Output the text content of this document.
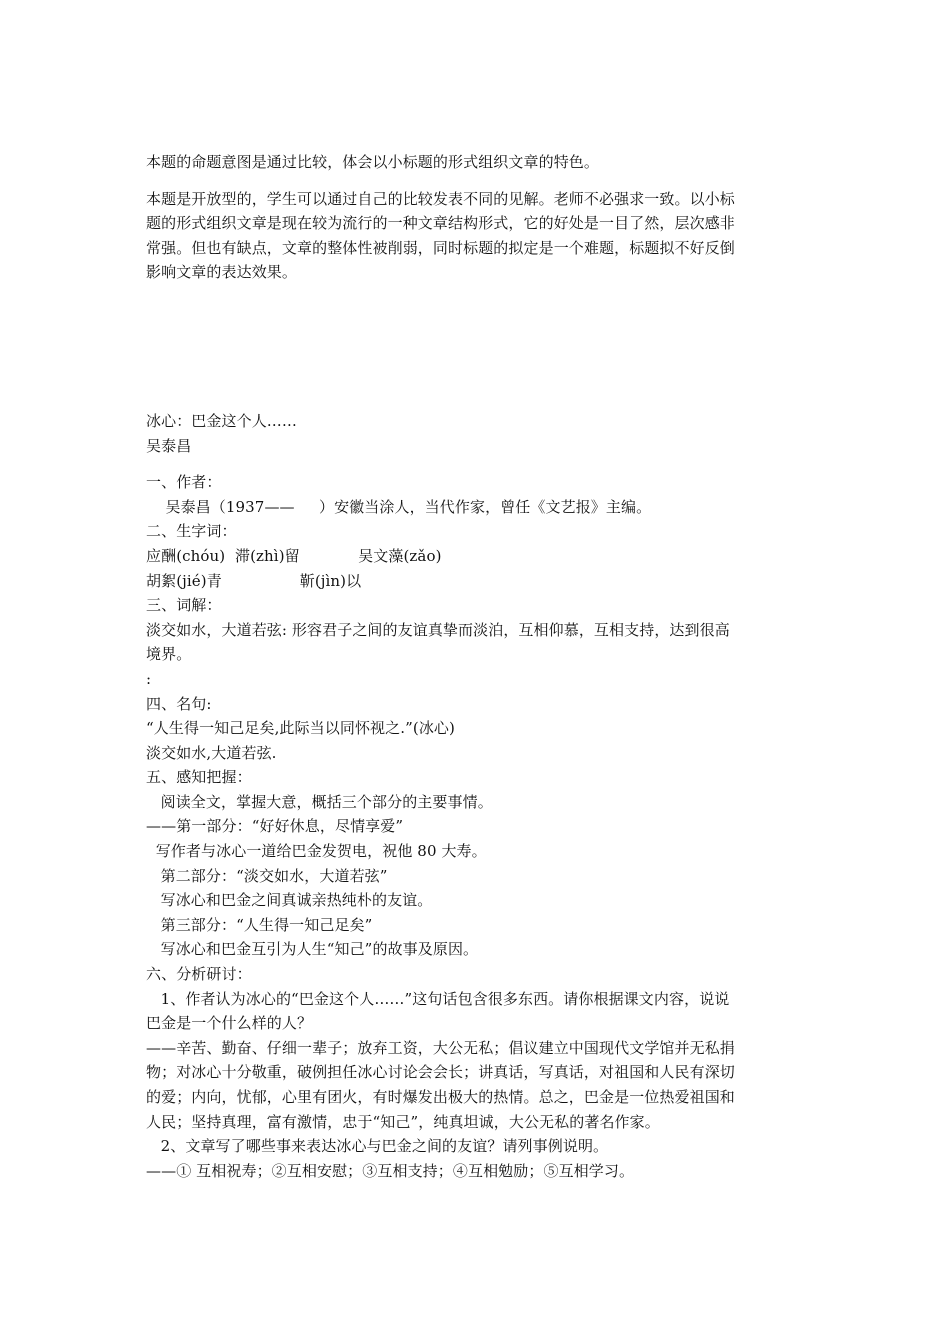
本题的命题意图是通过比较，体会以小标题的形式组织文章的特色。

本题是开放型的，学生可以通过自己的比较发表不同的见解。老师不必强求一致。以小标

题的形式组织文章是现在较为流行的一种文章结构形式，它的好处是一目了然，层次感非

常强。但也有缺点，文章的整体性被削弱，同时标题的拟定是一个难题，标题拟不好反倒

影响文章的表达效果。

冰心：巴金这个人……

吴泰昌

一、作者：

吴泰昌（1937——     ）安徽当涂人，当代作家，曾任《文艺报》主编。

二、生字词：

应酬(chóu)  滞(zhì)留            吴文藻(zǎo)

胡絮(jié)青                靳(jìn)以

三、词解：

淡交如水，大道若弦: 形容君子之间的友谊真挚而淡泊，互相仰慕，互相支持，达到很高

境界。

:

四、名句:

“人生得一知己足矣,此际当以同怀视之.”(冰心)

淡交如水,大道若弦.

五、感知把握：

阅读全文，掌握大意，概括三个部分的主要事情。

——第一部分：“好好休息，尽情享爱”

写作者与冰心一道给巴金发贺电，祝他 80 大寿。

第二部分：“淡交如水，大道若弦”

写冰心和巴金之间真诚亲热纯朴的友谊。

第三部分：“人生得一知己足矣”

写冰心和巴金互引为人生“知己”的故事及原因。

六、分析研讨：

1、作者认为冰心的“巴金这个人……”这句话包含很多东西。请你根据课文内容，说说

巴金是一个什么样的人？

——辛苦、勤奋、仔细一辈子；放弃工资，大公无私；倡议建立中国现代文学馆并无私捐

物；对冰心十分敬重，破例担任冰心讨论会会长；讲真话，写真话，对祖国和人民有深切

的爱；内向，忧郁，心里有团火，有时爆发出极大的热情。总之，巴金是一位热爱祖国和

人民；坚持真理，富有激情，忠于“知己”，纯真坦诚，大公无私的著名作家。

2、文章写了哪些事来表达冰心与巴金之间的友谊？请列事例说明。

——① 互相祝寿；②互相安慰；③互相支持；④互相勉励；⑤互相学习。
